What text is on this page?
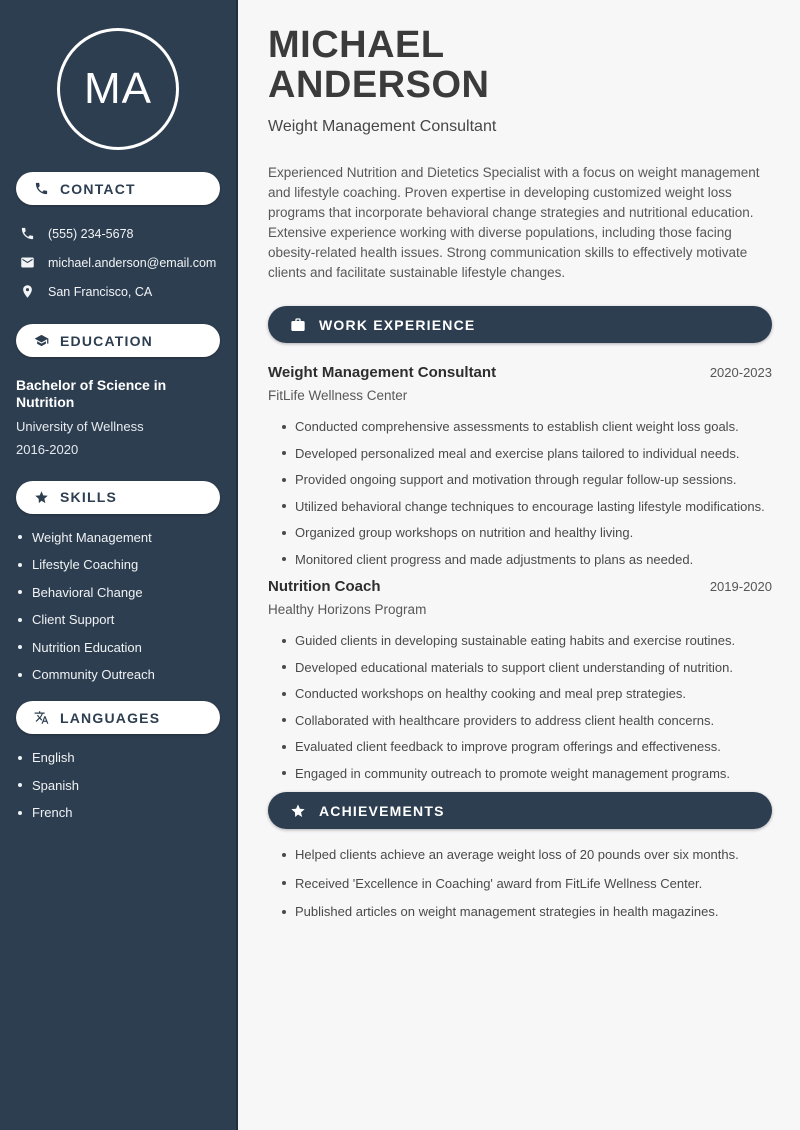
MA
CONTACT
(555) 234-5678
michael.anderson@email.com
San Francisco, CA
EDUCATION
Bachelor of Science in Nutrition
University of Wellness
2016-2020
SKILLS
Weight Management
Lifestyle Coaching
Behavioral Change
Client Support
Nutrition Education
Community Outreach
LANGUAGES
English
Spanish
French
MICHAEL
ANDERSON
Weight Management Consultant

Experienced Nutrition and Dietetics Specialist with a focus on weight management and lifestyle coaching. Proven expertise in developing customized weight loss programs that incorporate behavioral change strategies and nutritional education. Extensive experience working with diverse populations, including those facing obesity-related health issues. Strong communication skills to effectively motivate clients and facilitate sustainable lifestyle changes.

WORK EXPERIENCE
Weight Management Consultant	2020-2023
FitLife Wellness Center
Conducted comprehensive assessments to establish client weight loss goals.
Developed personalized meal and exercise plans tailored to individual needs.
Provided ongoing support and motivation through regular follow-up sessions.
Utilized behavioral change techniques to encourage lasting lifestyle modifications.
Organized group workshops on nutrition and healthy living.
Monitored client progress and made adjustments to plans as needed.
Nutrition Coach	2019-2020
Healthy Horizons Program
Guided clients in developing sustainable eating habits and exercise routines.
Developed educational materials to support client understanding of nutrition.
Conducted workshops on healthy cooking and meal prep strategies.
Collaborated with healthcare providers to address client health concerns.
Evaluated client feedback to improve program offerings and effectiveness.
Engaged in community outreach to promote weight management programs.
ACHIEVEMENTS
Helped clients achieve an average weight loss of 20 pounds over six months.
Received 'Excellence in Coaching' award from FitLife Wellness Center.
Published articles on weight management strategies in health magazines.
